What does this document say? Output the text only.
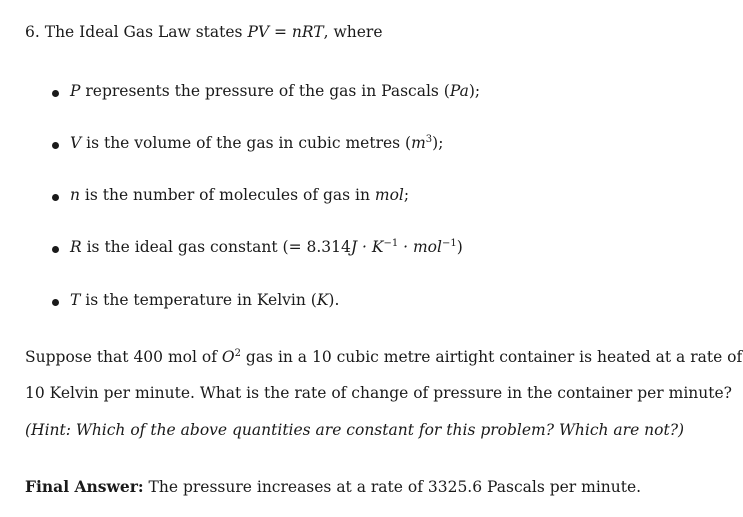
6. The Ideal Gas Law states PV = nRT, where
P represents the pressure of the gas in Pascals (Pa);
V is the volume of the gas in cubic metres $(m^3)$;
n is the number of molecules of gas in mol;
R is the ideal gas constant (= $8.314J \cdot K^{-1} \cdot mol^{-1}$)
T is the temperature in Kelvin (K).
Suppose that 400 mol of $O^2$ gas in a 10 cubic metre airtight container is heated at a rate of
10 Kelvin per minute. What is the rate of change of pressure in the container per minute?
(Hint: Which of the above quantities are constant for this problem? Which are not?)
Final Answer: The pressure increases at a rate of 3325.6 Pascals per minute.
